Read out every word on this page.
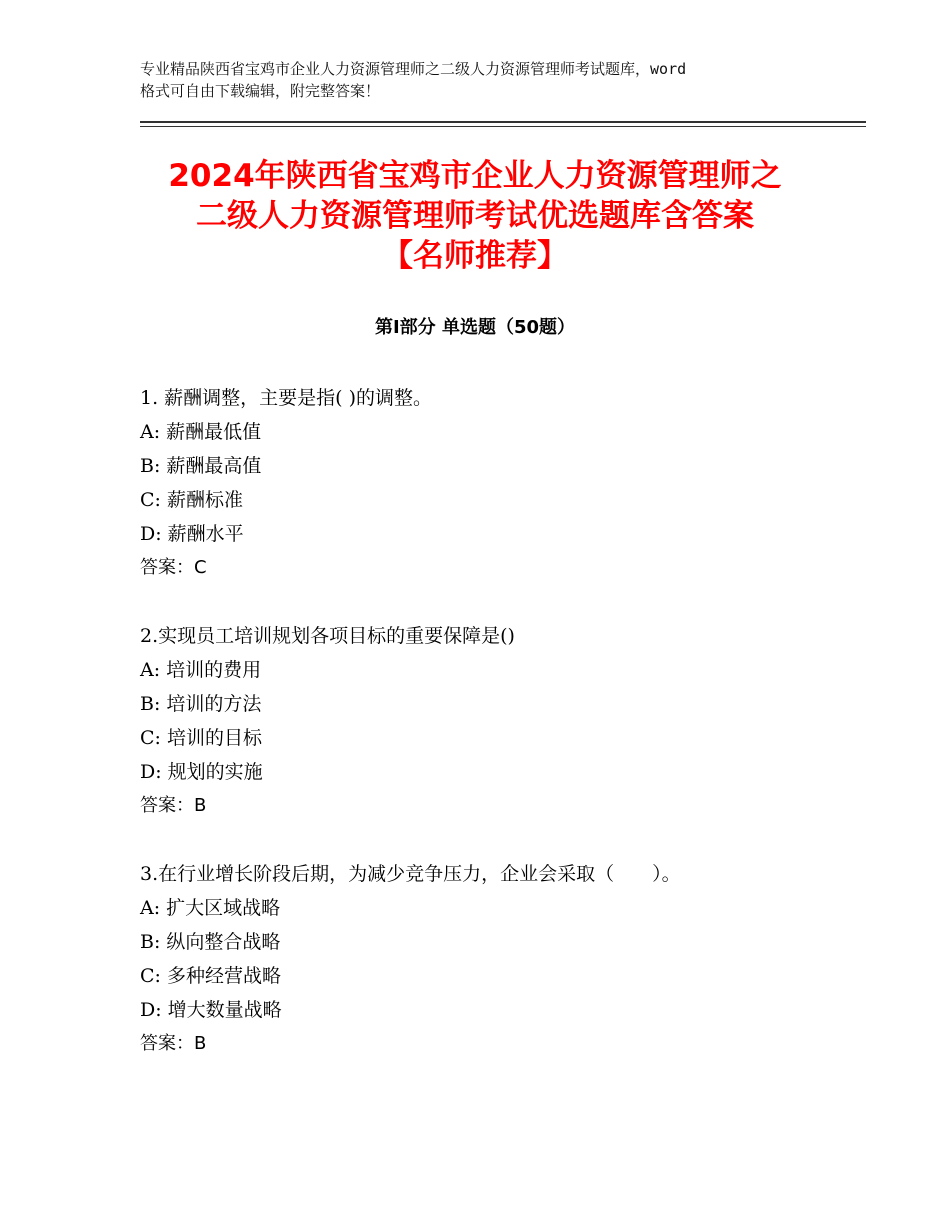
专业精品陕西省宝鸡市企业人力资源管理师之二级人力资源管理师考试题库，word
格式可自由下载编辑，附完整答案！
2024年陕西省宝鸡市企业人力资源管理师之
二级人力资源管理师考试优选题库含答案
【名师推荐】
第Ⅰ部分 单选题（50题）
1. 薪酬调整，主要是指( )的调整。
A: 薪酬最低值
B: 薪酬最高值
C: 薪酬标准
D: 薪酬水平
答案：C
2.实现员工培训规划各项目标的重要保障是()
A: 培训的费用
B: 培训的方法
C: 培训的目标
D: 规划的实施
答案：B
3.在行业增长阶段后期，为减少竞争压力，企业会采取（　　）。
A: 扩大区域战略
B: 纵向整合战略
C: 多种经营战略
D: 增大数量战略
答案：B
